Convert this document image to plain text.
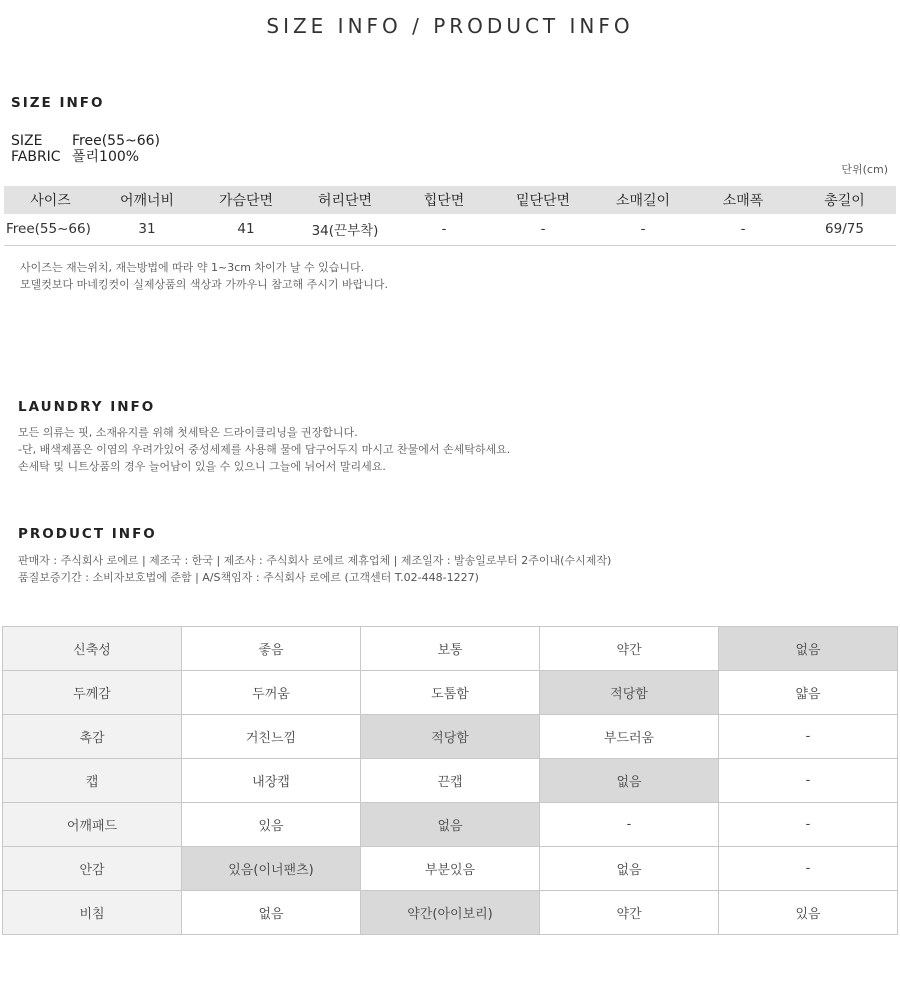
SIZE INFO / PRODUCT INFO
SIZE INFO
SIZE	Free(55~66)
FABRIC 폴리100%
단위(cm)
사이즈	어깨너비	가슴단면	허리단면	힙단면	밑단단면	소매길이	소매폭	총길이
Free(55~66)	31	41	34(끈부착)	-	-	-	-	69/75
사이즈는 재는위치, 재는방법에 따라 약 1~3cm 차이가 날 수 있습니다.
모델컷보다 마네킹컷이 실제상품의 색상과 가까우니 참고해 주시기 바랍니다.
LAUNDRY INFO
모든 의류는 핏, 소재유지를 위해 첫세탁은 드라이클리닝을 권장합니다.
-단, 배색제품은 이염의 우려가있어 중성세제를 사용해 물에 담구어두지 마시고 찬물에서 손세탁하세요.
손세탁 및 니트상품의 경우 늘어남이 있을 수 있으니 그늘에 뉘어서 말리세요.
PRODUCT INFO
판매자 : 주식회사 로에르 | 제조국 : 한국 | 제조사 : 주식회사 로에르 제휴업체 | 제조일자 : 발송일로부터 2주이내(수시제작)
품질보증기간 : 소비자보호법에 준함 | A/S책임자 : 주식회사 로에르 (고객센터 T.02-448-1227)
신축성	좋음	보통	약간	없음
두께감	두꺼움	도톰함	적당함	얇음
촉감	거친느낌	적당함	부드러움	-
캡	내장캡	끈캡	없음	-
어깨패드	있음	없음	-	-
안감	있음(이너팬츠)	부분있음	없음	-
비침	없음	약간(아이보리)	약간	있음
